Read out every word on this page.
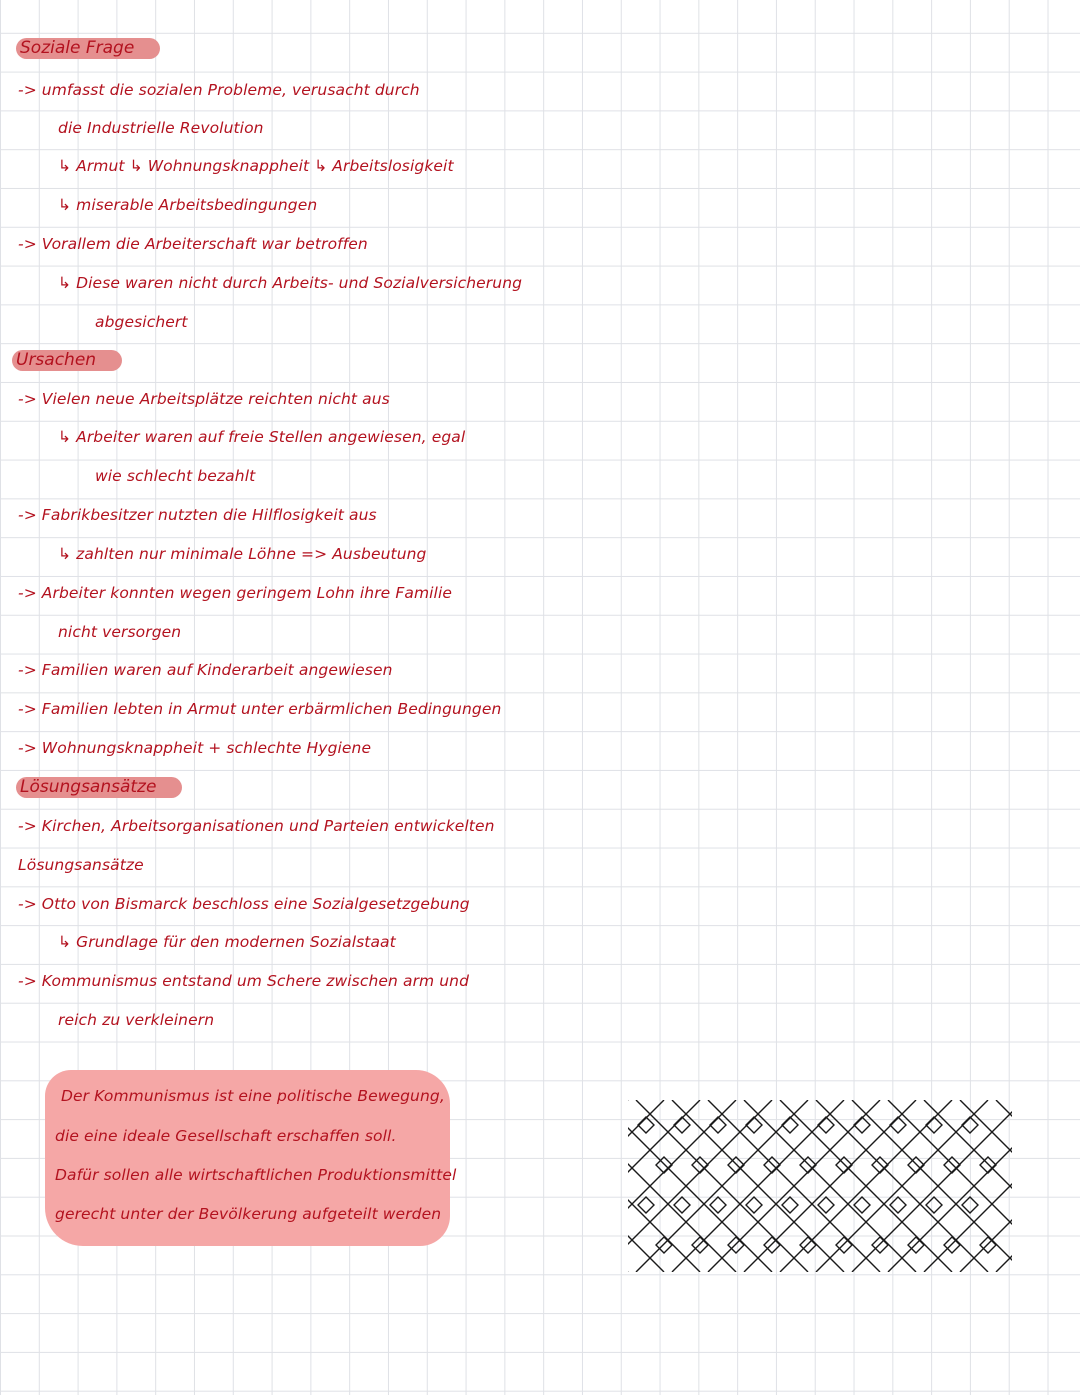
Soziale Frage
-> umfasst die sozialen Probleme, verusacht durch
die Industrielle Revolution
↳ Armut ↳ Wohnungsknappheit ↳ Arbeitslosigkeit
↳ miserable Arbeitsbedingungen
-> Vorallem die Arbeiterschaft war betroffen
↳ Diese waren nicht durch Arbeits- und Sozialversicherung
abgesichert
Ursachen
-> Vielen neue Arbeitsplätze reichten nicht aus
↳ Arbeiter waren auf freie Stellen angewiesen, egal
wie schlecht bezahlt
-> Fabrikbesitzer nutzten die Hilflosigkeit aus
↳ zahlten nur minimale Löhne => Ausbeutung
-> Arbeiter konnten wegen geringem Lohn ihre Familie
nicht versorgen
-> Familien waren auf Kinderarbeit angewiesen
-> Familien lebten in Armut unter erbärmlichen Bedingungen
-> Wohnungsknappheit + schlechte Hygiene
Lösungsansätze
-> Kirchen, Arbeitsorganisationen und Parteien entwickelten
Lösungsansätze
-> Otto von Bismarck beschloss eine Sozialgesetzgebung
↳ Grundlage für den modernen Sozialstaat
-> Kommunismus entstand um Schere zwischen arm und
reich zu verkleinern
Der Kommunismus ist eine politische Bewegung,
die eine ideale Gesellschaft erschaffen soll.
Dafür sollen alle wirtschaftlichen Produktionsmittel
gerecht unter der Bevölkerung aufgeteilt werden
